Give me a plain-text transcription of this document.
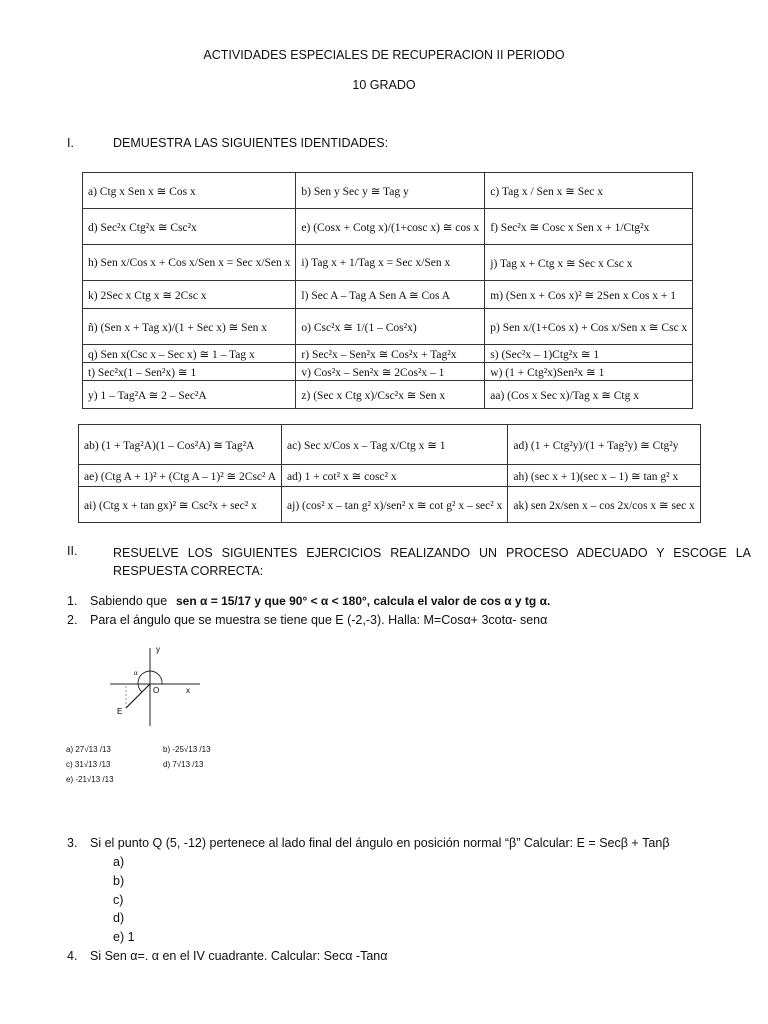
ACTIVIDADES ESPECIALES DE RECUPERACION II PERIODO
10 GRADO
I.	DEMUESTRA LAS SIGUIENTES IDENTIDADES:
a) Ctg x Sen x ≅ Cos x	b) Sen y Sec y ≅ Tag y	c) Tag x / Sen x ≅ Sec x
d) Sec²x Ctg²x ≅ Csc²x	e) (Cosx + Cotg x)/(1+cosc x) ≅ cos x	f) Sec²x ≅ Cosc x Sen x + 1/Ctg²x
h) Sen x/Cos x + Cos x/Sen x = Sec x/Sen x	i) Tag x + 1/Tag x = Sec x/Sen x	j) Tag x + Ctg x ≅ Sec x Csc x
k) 2Sec x Ctg x ≅ 2Csc x	l) Sec A – Tag A Sen A ≅ Cos A	m) (Sen x + Cos x)² ≅ 2Sen x Cos x + 1
ñ) (Sen x + Tag x)/(1 + Sec x) ≅ Sen x	o) Csc²x ≅ 1/(1 – Cos²x)	p) Sen x/(1+Cos x) + Cos x/Sen x ≅ Csc x
q) Sen x(Csc x – Sec x) ≅ 1 – Tag x	r) Sec²x – Sen²x ≅ Cos²x + Tag²x	s) (Sec²x – 1)Ctg²x ≅ 1
t) Sec²x(1 – Sen²x) ≅ 1	v) Cos²x – Sen²x ≅ 2Cos²x – 1	w) (1 + Ctg²x)Sen²x ≅ 1
y) 1 – Tag²A ≅ 2 – Sec²A	z) (Sec x Ctg x)/Csc²x ≅ Sen x	aa) (Cos x Sec x)/Tag x ≅ Ctg x
ab) (1 + Tag²A)(1 – Cos²A) ≅ Tag²A	ac) Sec x/Cos x – Tag x/Ctg x ≅ 1	ad) (1 + Ctg²y)/(1 + Tag²y) ≅ Ctg²y
ae) (Ctg A + 1)² + (Ctg A – 1)² ≅ 2Csc² A	ad) 1 + cot² x ≅ cosc² x	ah) (sec x + 1)(sec x – 1) ≅ tan g² x
ai) (Ctg x + tan gx)² ≅ Csc²x + sec² x	aj) (cos² x – tan g² x)/sen² x ≅ cot g² x – sec² x	ak) sen 2x/sen x – cos 2x/cos x ≅ sec x
II.	RESUELVE LOS SIGUIENTES EJERCICIOS REALIZANDO UN PROCESO ADECUADO Y ESCOGE LA RESPUESTA CORRECTA:
1. Sabiendo que sen α = 15/17 y que 90° < α < 180°, calcula el valor de cos α y tg α.
2. Para el ángulo que se muestra se tiene que E (-2,-3). Halla: M=Cosα+ 3cotα- senα
y
x
O
E
α
a) 27√13 /13	b) -25√13 /13
c) 31√13 /13	d) 7√13 /13
e) -21√13 /13
3. Si el punto Q (5, -12) pertenece al lado final del ángulo en posición normal “β” Calcular: E = Secβ + Tanβ
a)
b)
c)
d)
e) 1
4. Si Sen α=. α en el IV cuadrante. Calcular: Secα -Tanα
